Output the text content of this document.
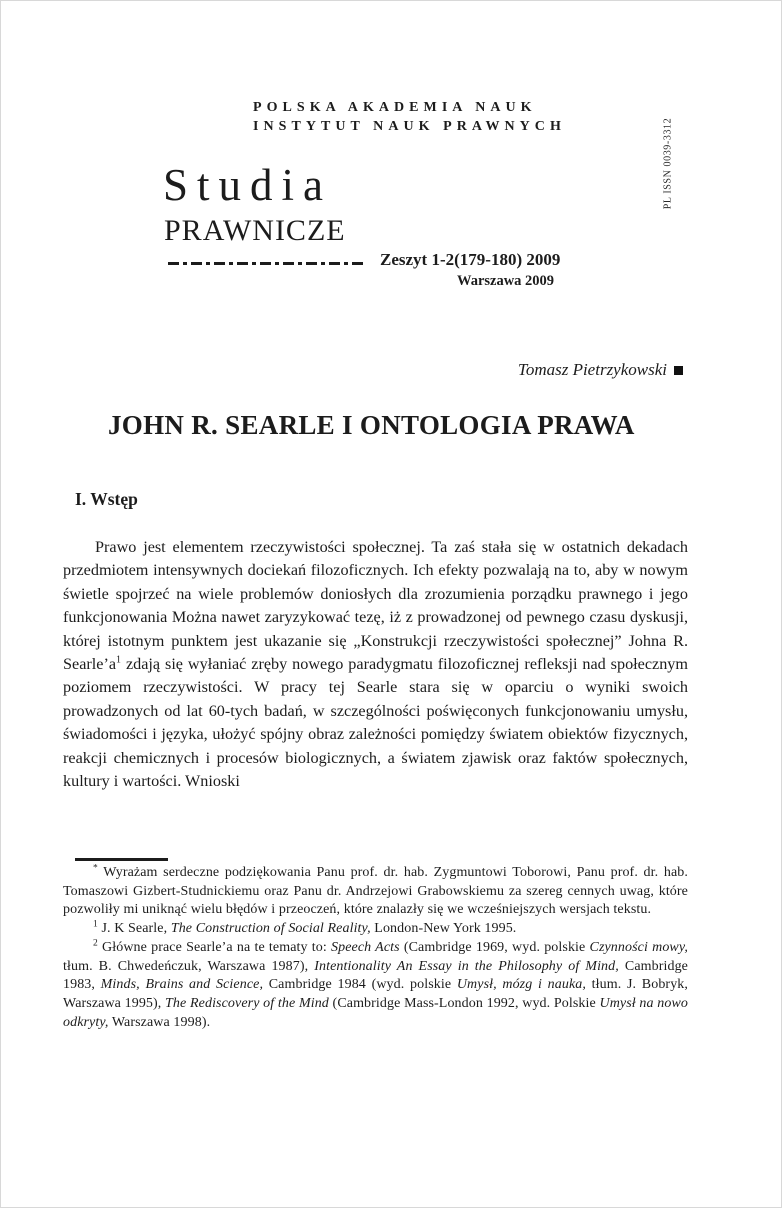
POLSKA AKADEMIA NAUK
INSTYTUT NAUK PRAWNYCH	PL ISSN 0039-3312
Studia
PRAWNICZE
Zeszyt 1-2(179-180) 2009
Warszawa 2009
Tomasz Pietrzykowski
JOHN R. SEARLE I ONTOLOGIA PRAWA
I. Wstęp

Prawo jest elementem rzeczywistości społecznej. Ta zaś stała się w ostatnich dekadach przedmiotem intensywnych dociekań filozoficznych. Ich efekty pozwalają na to, aby w nowym świetle spojrzeć na wiele problemów doniosłych dla zrozumienia porządku prawnego i jego funkcjonowania Można nawet zaryzykować tezę, iż z prowadzonej od pewnego czasu dyskusji, której istotnym punktem jest ukazanie się „Konstrukcji rzeczywistości społecznej” Johna R. $Searle’a^1$ zdają się wyłaniać zręby nowego paradygmatu filozoficznej refleksji nad społecznym poziomem rzeczywistości. W pracy tej Searle stara się w oparciu o wyniki swoich prowadzonych od lat 60-tych badań, w szczególności poświęconych funkcjonowaniu umysłu, świadomości i języka, ułożyć spójny obraz zależności pomiędzy światem obiektów fizycznych, reakcji chemicznych i procesów biologicznych, a światem zjawisk oraz faktów społecznych, kultury i wartości. Wnioski

* Wyrażam serdeczne podziękowania Panu prof. dr. hab. Zygmuntowi Toborowi, Panu prof. dr. hab. Tomaszowi Gizbert-Studnickiemu oraz Panu dr. Andrzejowi Grabowskiemu za szereg cennych uwag, które pozwoliły mi uniknąć wielu błędów i przeoczeń, które znalazły się we wcześniejszych wersjach tekstu.

$^1$ J. K Searle, The Construction of Social Reality, London-New York 1995.

$^2$ Główne prace Searle’a na te tematy to: Speech Acts (Cambridge 1969, wyd. polskie Czynności mowy, tłum. B. Chwedeńczuk, Warszawa 1987), Intentionality An Essay in the Philosophy of Mind, Cambridge 1983, Minds, Brains and Science, Cambridge 1984 (wyd. polskie Umysł, mózg i nauka, tłum. J. Bobryk, Warszawa 1995), The Rediscovery of the Mind (Cambridge Mass-London 1992, wyd. Polskie Umysł na nowo odkryty, Warszawa 1998).
